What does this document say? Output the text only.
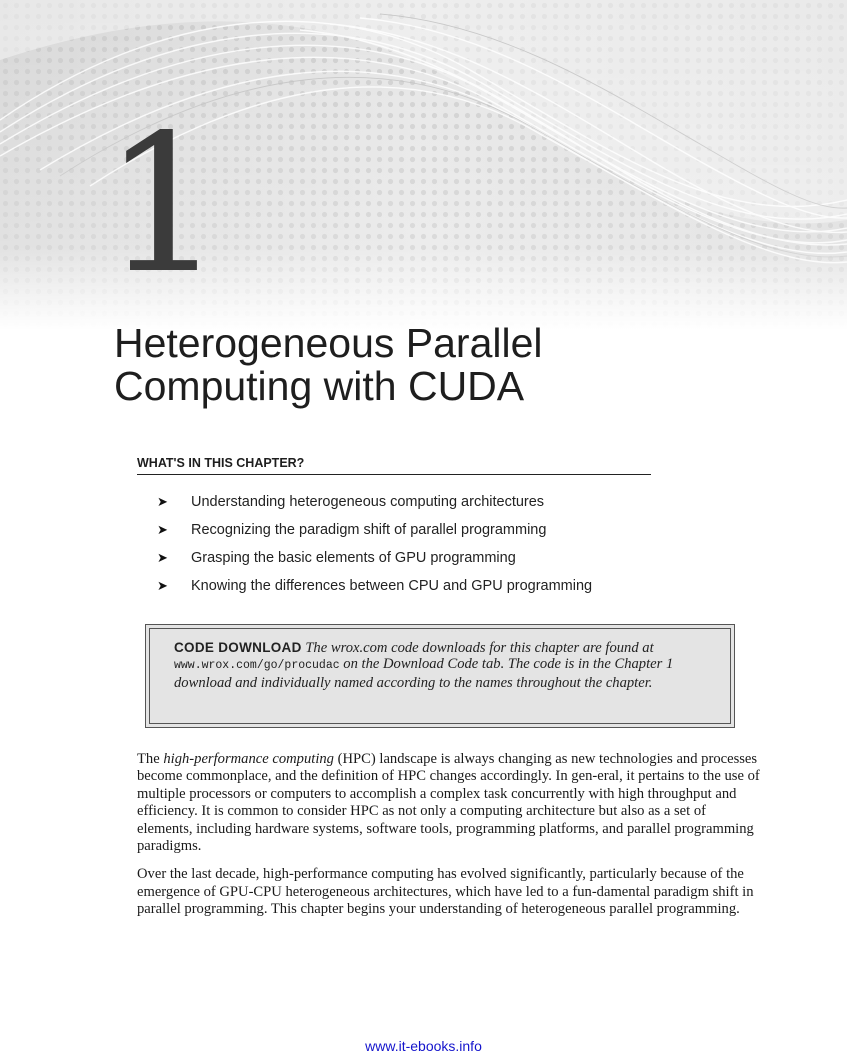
1
Heterogeneous Parallel
Computing with CUDA
WHAT'S IN THIS CHAPTER?
➤	Understanding heterogeneous computing architectures
➤	Recognizing the paradigm shift of parallel programming
➤	Grasping the basic elements of GPU programming
➤	Knowing the differences between CPU and GPU programming
CODE DOWNLOAD The wrox.com code downloads for this chapter are found at www.wrox.com/go/procudac on the Download Code tab. The code is in the Chapter 1 download and individually named according to the names throughout the chapter.

The high-performance computing (HPC) landscape is always changing as new technologies and processes become commonplace, and the definition of HPC changes accordingly. In gen-eral, it pertains to the use of multiple processors or computers to accomplish a complex task concurrently with high throughput and efficiency. It is common to consider HPC as not only a computing architecture but also as a set of elements, including hardware systems, software tools, programming platforms, and parallel programming paradigms.

Over the last decade, high-performance computing has evolved significantly, particularly because of the emergence of GPU-CPU heterogeneous architectures, which have led to a fun-damental paradigm shift in parallel programming. This chapter begins your understanding of heterogeneous parallel programming.

www.it-ebooks.info
